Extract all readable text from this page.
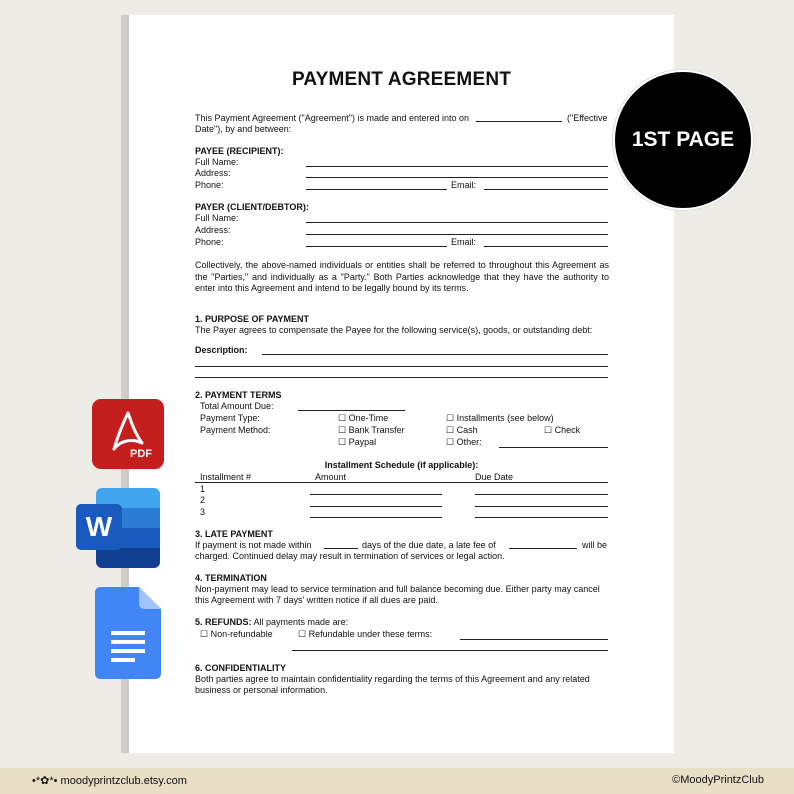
PAYMENT AGREEMENT
This Payment Agreement ("Agreement") is made and entered into on	("Effective
Date"), by and between:
PAYEE (RECIPIENT):
Full Name:
Address:
Phone:	Email:
PAYER (CLIENT/DEBTOR):
Full Name:
Address:
Phone:	Email:
Collectively, the above-named individuals or entities shall be referred to throughout this Agreement as the "Parties," and individually as a "Party." Both Parties acknowledge that they have the authority to enter into this Agreement and intend to be legally bound by its terms.
1. PURPOSE OF PAYMENT
The Payer agrees to compensate the Payee for the following service(s), goods, or outstanding debt:
Description:
2. PAYMENT TERMS
Total Amount Due:
Payment Type:	☐ One-Time	☐ Installments (see below)
Payment Method:	☐ Bank Transfer	☐ Cash	☐ Check
☐ Paypal	☐ Other:
Installment Schedule (if applicable):
Installment #	Amount	Due Date
1
2
3
3. LATE PAYMENT
If payment is not made within	days of the due date, a late fee of	will be
charged. Continued delay may result in termination of services or legal action.
4. TERMINATION
Non-payment may lead to service termination and full balance becoming due. Either party may cancel
this Agreement with 7 days' written notice if all dues are paid.
5. REFUNDS: All payments made are:
☐ Non-refundable	☐ Refundable under these terms:
6. CONFIDENTIALITY
Both parties agree to maintain confidentiality regarding the terms of this Agreement and any related
business or personal information.
1ST PAGE
PDF
W
•*✿*• moodyprintzclub.etsy.com	©MoodyPrintzClub
